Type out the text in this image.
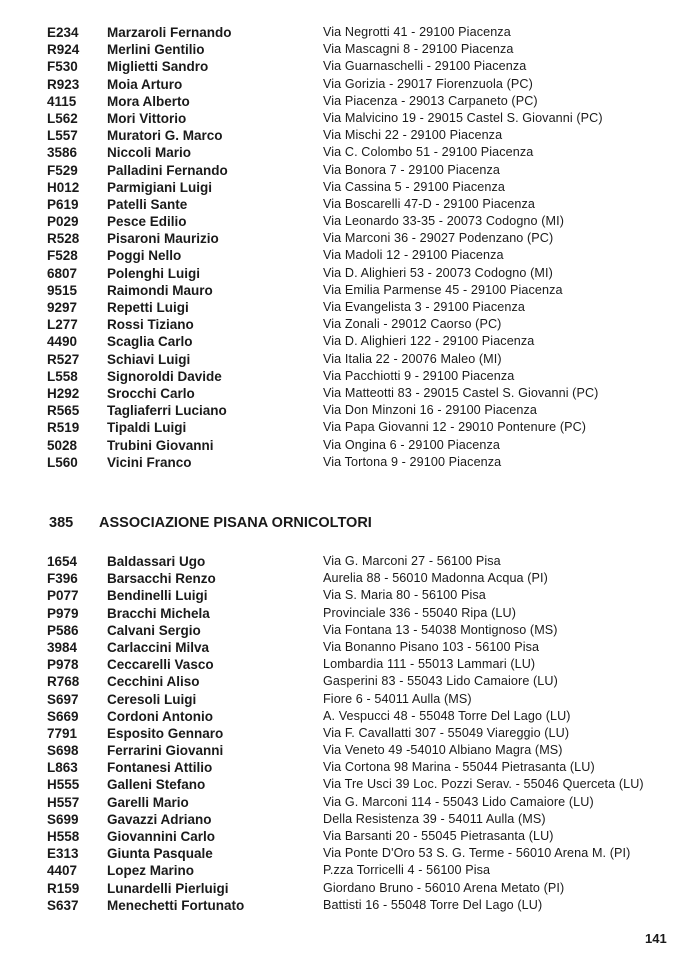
E234 Marzaroli Fernando	Via Negrotti 41 - 29100 Piacenza
R924 Merlini Gentilio	Via Mascagni 8 - 29100 Piacenza
F530 Miglietti Sandro	Via Guarnaschelli - 29100 Piacenza
R923 Moia Arturo	Via Gorizia - 29017 Fiorenzuola (PC)
4115 Mora Alberto	Via Piacenza - 29013 Carpaneto (PC)
L562 Mori Vittorio	Via Malvicino 19 - 29015 Castel S. Giovanni (PC)
L557 Muratori G. Marco	Via Mischi 22 - 29100 Piacenza
3586 Niccoli Mario	Via C. Colombo 51 - 29100 Piacenza
F529 Palladini Fernando	Via Bonora 7 - 29100 Piacenza
H012 Parmigiani Luigi	Via Cassina 5 - 29100 Piacenza
P619 Patelli Sante	Via Boscarelli 47-D - 29100 Piacenza
P029 Pesce Edilio	Via Leonardo 33-35 - 20073 Codogno (MI)
R528 Pisaroni Maurizio	Via Marconi 36 - 29027 Podenzano (PC)
F528 Poggi Nello	Via Madoli 12 - 29100 Piacenza
6807 Polenghi Luigi	Via D. Alighieri 53 - 20073 Codogno (MI)
9515 Raimondi Mauro	Via Emilia Parmense 45 - 29100 Piacenza
9297 Repetti Luigi	Via Evangelista 3 - 29100 Piacenza
L277 Rossi Tiziano	Via Zonali - 29012 Caorso (PC)
4490 Scaglia Carlo	Via D. Alighieri 122 - 29100 Piacenza
R527 Schiavi Luigi	Via Italia 22 - 20076 Maleo (MI)
L558 Signoroldi Davide	Via Pacchiotti 9 - 29100 Piacenza
H292 Srocchi Carlo	Via Matteotti 83 - 29015 Castel S. Giovanni (PC)
R565 Tagliaferri Luciano	Via Don Minzoni 16 - 29100 Piacenza
R519 Tipaldi Luigi	Via Papa Giovanni 12 - 29010 Pontenure (PC)
5028 Trubini Giovanni	Via Ongina 6 - 29100 Piacenza
L560 Vicini Franco	Via Tortona 9 - 29100 Piacenza
385 ASSOCIAZIONE PISANA ORNICOLTORI
1654 Baldassari Ugo	Via G. Marconi 27 - 56100 Pisa
F396 Barsacchi Renzo	Aurelia 88 - 56010 Madonna Acqua (PI)
P077 Bendinelli Luigi	Via S. Maria 80 - 56100 Pisa
P979 Bracchi Michela	Provinciale 336 - 55040 Ripa (LU)
P586 Calvani Sergio	Via Fontana 13 - 54038 Montignoso (MS)
3984 Carlaccini Milva	Via Bonanno Pisano 103 - 56100 Pisa
P978 Ceccarelli Vasco	Lombardia 111 - 55013 Lammari (LU)
R768 Cecchini Aliso	Gasperini 83 - 55043 Lido Camaiore (LU)
S697 Ceresoli Luigi	Fiore 6 - 54011 Aulla (MS)
S669 Cordoni Antonio	A. Vespucci 48 - 55048 Torre Del Lago (LU)
7791 Esposito Gennaro	Via F. Cavallatti 307 - 55049 Viareggio (LU)
S698 Ferrarini Giovanni	Via Veneto 49 -54010 Albiano Magra (MS)
L863 Fontanesi Attilio	Via Cortona 98 Marina - 55044 Pietrasanta (LU)
H555 Galleni Stefano	Via Tre Usci 39 Loc. Pozzi Serav. - 55046 Querceta (LU)
H557 Garelli Mario	Via G. Marconi 114 - 55043 Lido Camaiore (LU)
S699 Gavazzi Adriano	Della Resistenza 39 - 54011 Aulla (MS)
H558 Giovannini Carlo	Via Barsanti 20 - 55045 Pietrasanta (LU)
E313 Giunta Pasquale	Via Ponte D'Oro 53 S. G. Terme - 56010 Arena M. (PI)
4407 Lopez Marino	P.zza Torricelli 4 - 56100 Pisa
R159 Lunardelli Pierluigi	Giordano Bruno - 56010 Arena Metato (PI)
S637 Menechetti Fortunato	Battisti 16 - 55048 Torre Del Lago (LU)
141
